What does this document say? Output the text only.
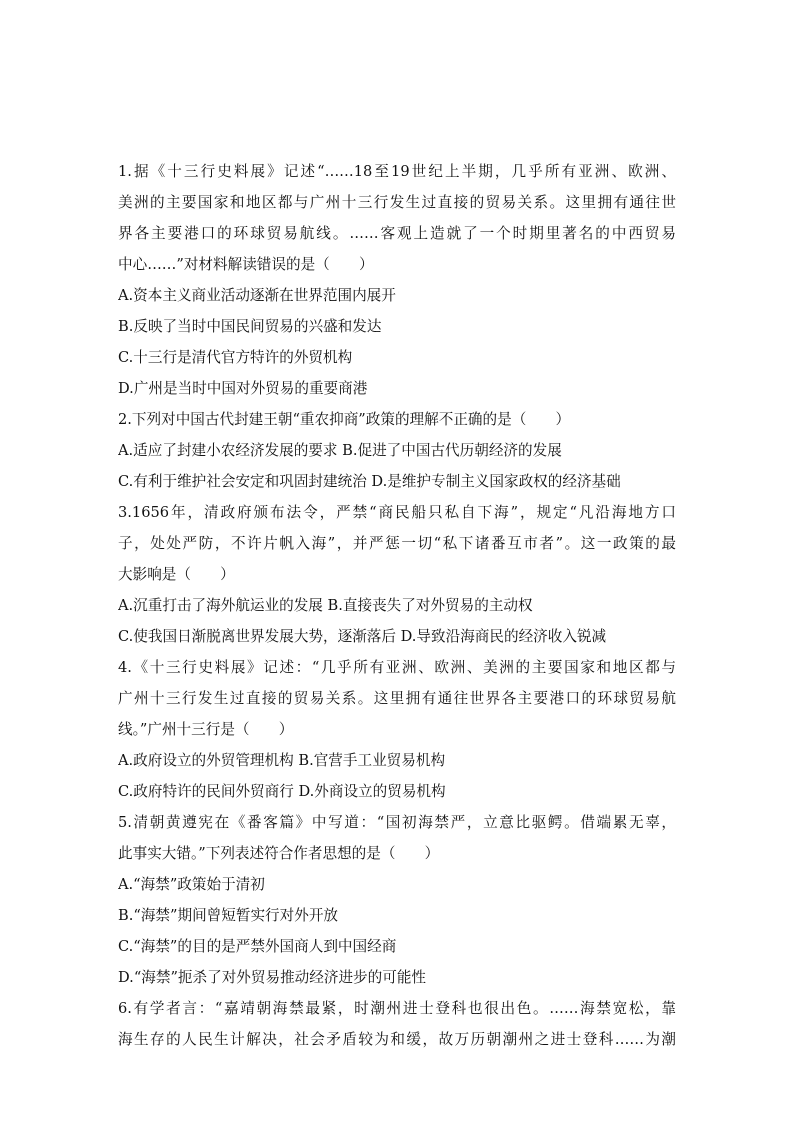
1.据《十三行史料展》记述“……18至19世纪上半期，几乎所有亚洲、欧洲、
美洲的主要国家和地区都与广州十三行发生过直接的贸易关系。这里拥有通往世
界各主要港口的环球贸易航线。……客观上造就了一个时期里著名的中西贸易
中心……”对材料解读错误的是（　　）
A.资本主义商业活动逐渐在世界范围内展开
B.反映了当时中国民间贸易的兴盛和发达
C.十三行是清代官方特许的外贸机构
D.广州是当时中国对外贸易的重要商港
2.下列对中国古代封建王朝“重农抑商”政策的理解不正确的是（　　）
A.适应了封建小农经济发展的要求 B.促进了中国古代历朝经济的发展
C.有利于维护社会安定和巩固封建统治 D.是维护专制主义国家政权的经济基础
3.1656年，清政府颁布法令，严禁“商民船只私自下海”，规定“凡沿海地方口
子，处处严防，不许片帆入海”，并严惩一切“私下诸番互市者”。这一政策的最
大影响是（　　）
A.沉重打击了海外航运业的发展 B.直接丧失了对外贸易的主动权
C.使我国日渐脱离世界发展大势，逐渐落后 D.导致沿海商民的经济收入锐减
4.《十三行史料展》记述：“几乎所有亚洲、欧洲、美洲的主要国家和地区都与
广州十三行发生过直接的贸易关系。这里拥有通往世界各主要港口的环球贸易航
线。”广州十三行是（　　）
A.政府设立的外贸管理机构 B.官营手工业贸易机构
C.政府特许的民间外贸商行 D.外商设立的贸易机构
5.清朝黄遵宪在《番客篇》中写道：“国初海禁严，立意比驱鳄。借端累无辜，
此事实大错。”下列表述符合作者思想的是（　　）
A.“海禁”政策始于清初
B.“海禁”期间曾短暂实行对外开放
C.“海禁”的目的是严禁外国商人到中国经商
D.“海禁”扼杀了对外贸易推动经济进步的可能性
6.有学者言：“嘉靖朝海禁最紧，时潮州进士登科也很出色。……海禁宽松，靠
海生存的人民生计解决，社会矛盾较为和缓，故万历朝潮州之进士登科……为潮
